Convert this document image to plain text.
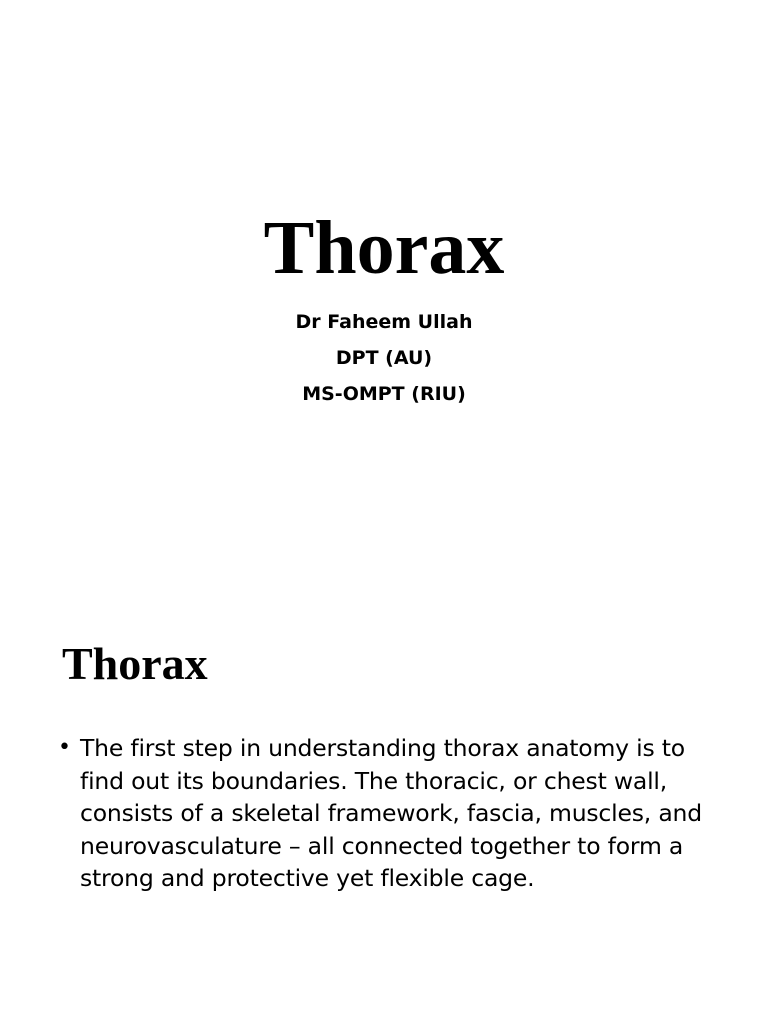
Thorax
Dr Faheem Ullah
DPT (AU)
MS-OMPT (RIU)
Thorax
• The first step in understanding thorax anatomy is to find out its boundaries. The thoracic, or chest wall, consists of a skeletal framework, fascia, muscles, and neurovasculature – all connected together to form a strong and protective yet flexible cage.
